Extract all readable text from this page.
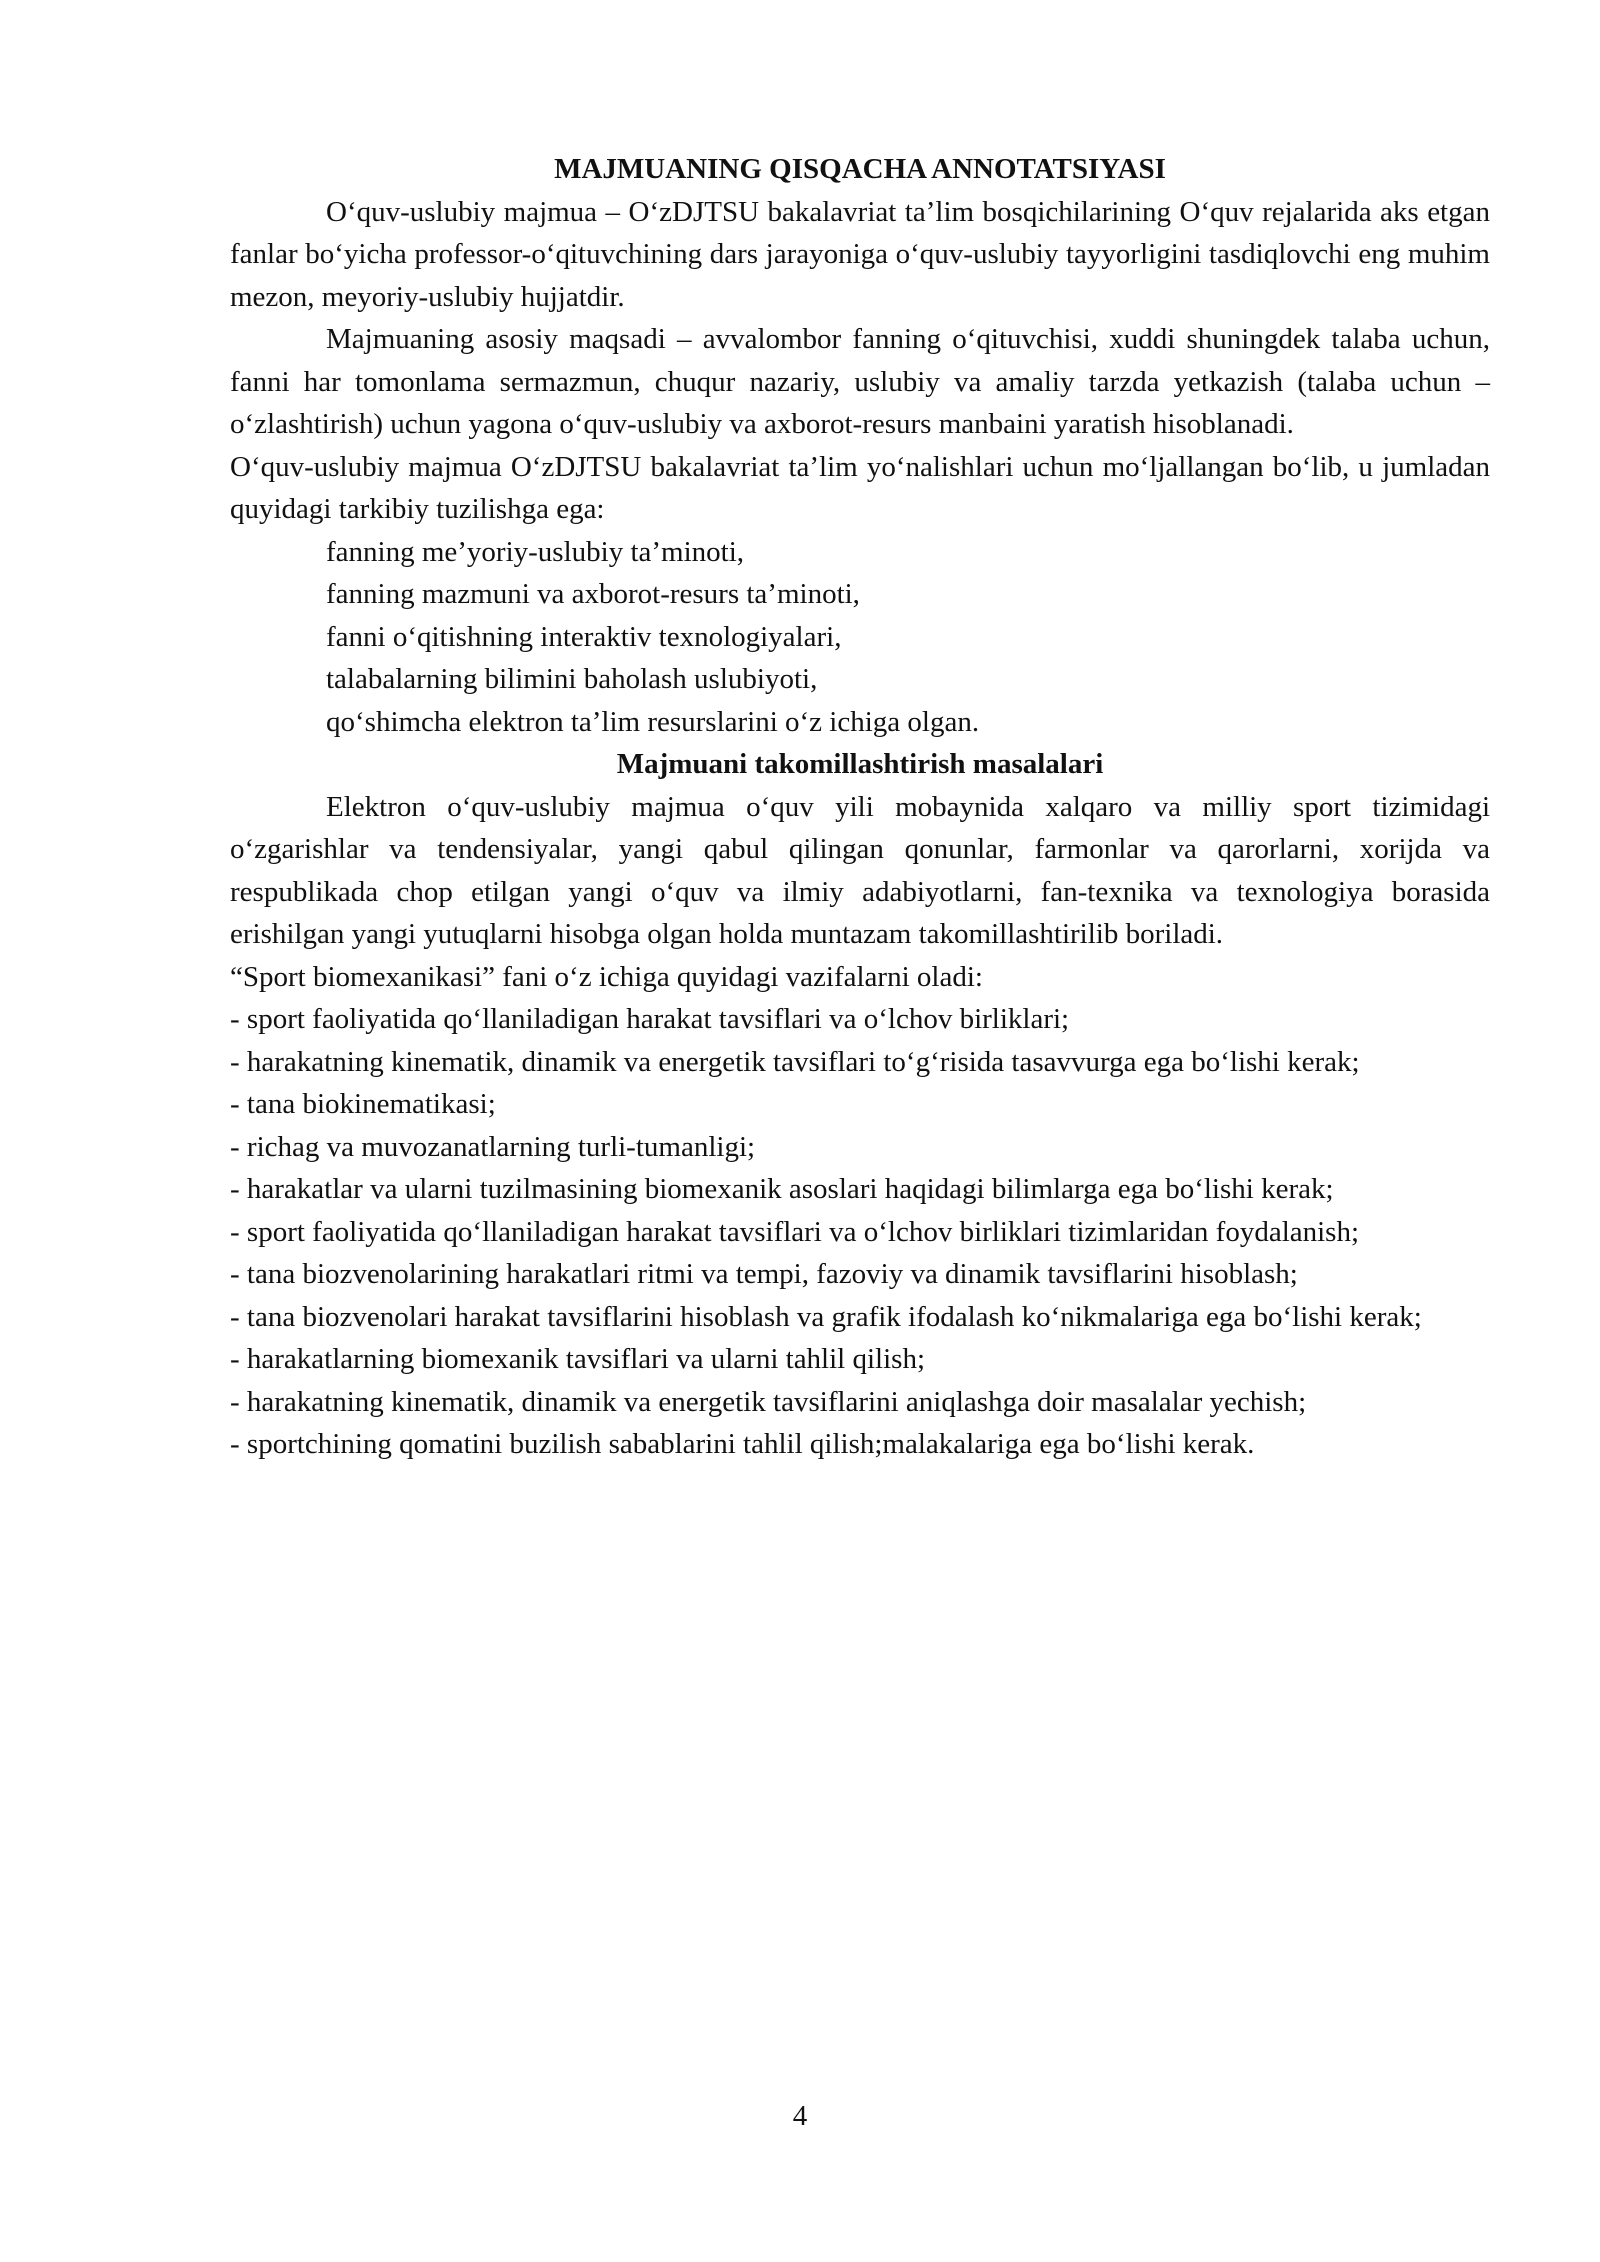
MAJMUANING QISQACHA ANNOTATSIYASI

O‘quv-uslubiy majmua – O‘zDJTSU bakalavriat ta’lim bosqichilarining O‘quv rejalarida aks etgan fanlar bo‘yicha professor-o‘qituvchining dars jarayoniga o‘quv-uslubiy tayyorligini tasdiqlovchi eng muhim mezon, meyoriy-uslubiy hujjatdir.

Majmuaning asosiy maqsadi – avvalombor fanning o‘qituvchisi, xuddi shuningdek talaba uchun, fanni har tomonlama sermazmun, chuqur nazariy, uslubiy va amaliy tarzda yetkazish (talaba uchun – o‘zlashtirish) uchun yagona o‘quv-uslubiy va axborot-resurs manbaini yaratish hisoblanadi.

O‘quv-uslubiy majmua O‘zDJTSU bakalavriat ta’lim yo‘nalishlari uchun mo‘ljallangan bo‘lib, u jumladan quyidagi tarkibiy tuzilishga ega:

fanning me’yoriy-uslubiy ta’minoti,
fanning mazmuni va axborot-resurs ta’minoti,
fanni o‘qitishning interaktiv texnologiyalari,
talabalarning bilimini baholash uslubiyoti,
qo‘shimcha elektron ta’lim resurslarini o‘z ichiga olgan.

Majmuani takomillashtirish masalalari

Elektron o‘quv-uslubiy majmua o‘quv yili mobaynida xalqaro va milliy sport tizimidagi o‘zgarishlar va tendensiyalar, yangi qabul qilingan qonunlar, farmonlar va qarorlarni, xorijda va respublikada chop etilgan yangi o‘quv va ilmiy adabiyotlarni, fan-texnika va texnologiya borasida erishilgan yangi yutuqlarni hisobga olgan holda muntazam takomillashtirilib boriladi.

“Sport biomexanikasi” fani o‘z ichiga quyidagi vazifalarni oladi:

- sport faoliyatida qo‘llaniladigan harakat tavsiflari va o‘lchov birliklari;
- harakatning kinematik, dinamik va energetik tavsiflari to‘g‘risida tasavvurga ega bo‘lishi kerak;
- tana biokinematikasi;
- richag va muvozanatlarning turli-tumanligi;
- harakatlar va ularni tuzilmasining biomexanik asoslari haqidagi bilimlarga ega bo‘lishi kerak;
- sport faoliyatida qo‘llaniladigan harakat tavsiflari va o‘lchov birliklari tizimlaridan foydalanish;
- tana biozvenolarining harakatlari ritmi va tempi, fazoviy va dinamik tavsiflarini hisoblash;
- tana biozvenolari harakat tavsiflarini hisoblash va grafik ifodalash ko‘nikmalariga ega bo‘lishi kerak;
- harakatlarning biomexanik tavsiflari va ularni tahlil qilish;
- harakatning kinematik, dinamik va energetik tavsiflarini aniqlashga doir masalalar yechish;
- sportchining qomatini buzilish sabablarini tahlil qilish;malakalariga ega bo‘lishi kerak.
4
